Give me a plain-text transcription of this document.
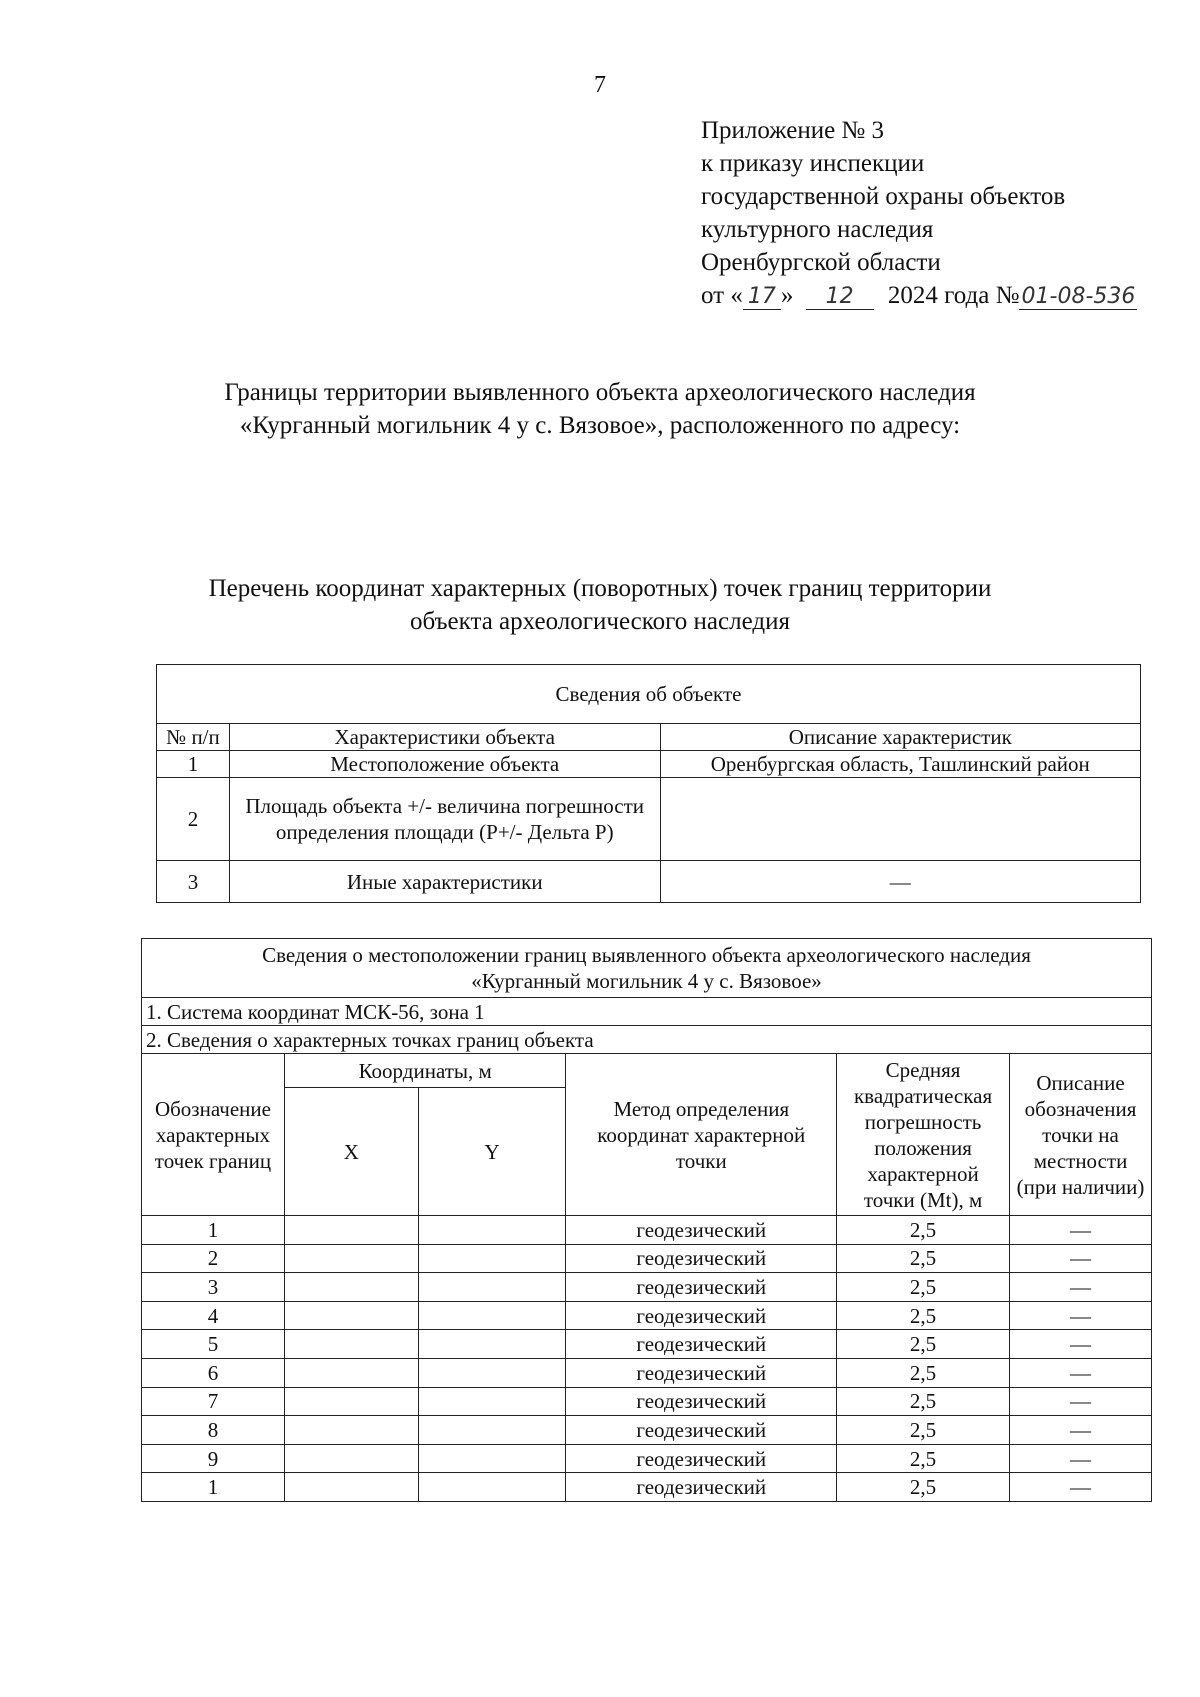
7
Приложение № 3
к приказу инспекции
государственной охраны объектов
культурного наследия
Оренбургской области
от « 17 » 12 2024 года №01-08-536
Границы территории выявленного объекта археологического наследия
«Курганный могильник 4 у с. Вязовое», расположенного по адресу:
Перечень координат характерных (поворотных) точек границ территории
объекта археологического наследия
Сведения об объекте		
№ п/п	Характеристики объекта	Описание характеристик
1	Местоположение объекта	Оренбургская область, Ташлинский район
2	Площадь объекта +/- величина погрешности определения площади (P+/- Дельта P)	
3	Иные характеристики	—
Сведения о местоположении границ выявленного объекта археологического наследия
«Курганный могильник 4 у с. Вязовое»					

1. Система координат МСК-56, зона 1					
2. Сведения о характерных точках границ объекта					
Обозначение характерных точек границ	Координаты, м		Метод определения координат характерной точки	Средняя квадратическая погрешность положения характерной точки (Mt), м	Описание обозначения точки на местности (при наличии)
	X	Y			
1			геодезический	2,5	—
2			геодезический	2,5	—
3			геодезический	2,5	—
4			геодезический	2,5	—
5			геодезический	2,5	—
6			геодезический	2,5	—
7			геодезический	2,5	—
8			геодезический	2,5	—
9			геодезический	2,5	—
1			геодезический	2,5	—
